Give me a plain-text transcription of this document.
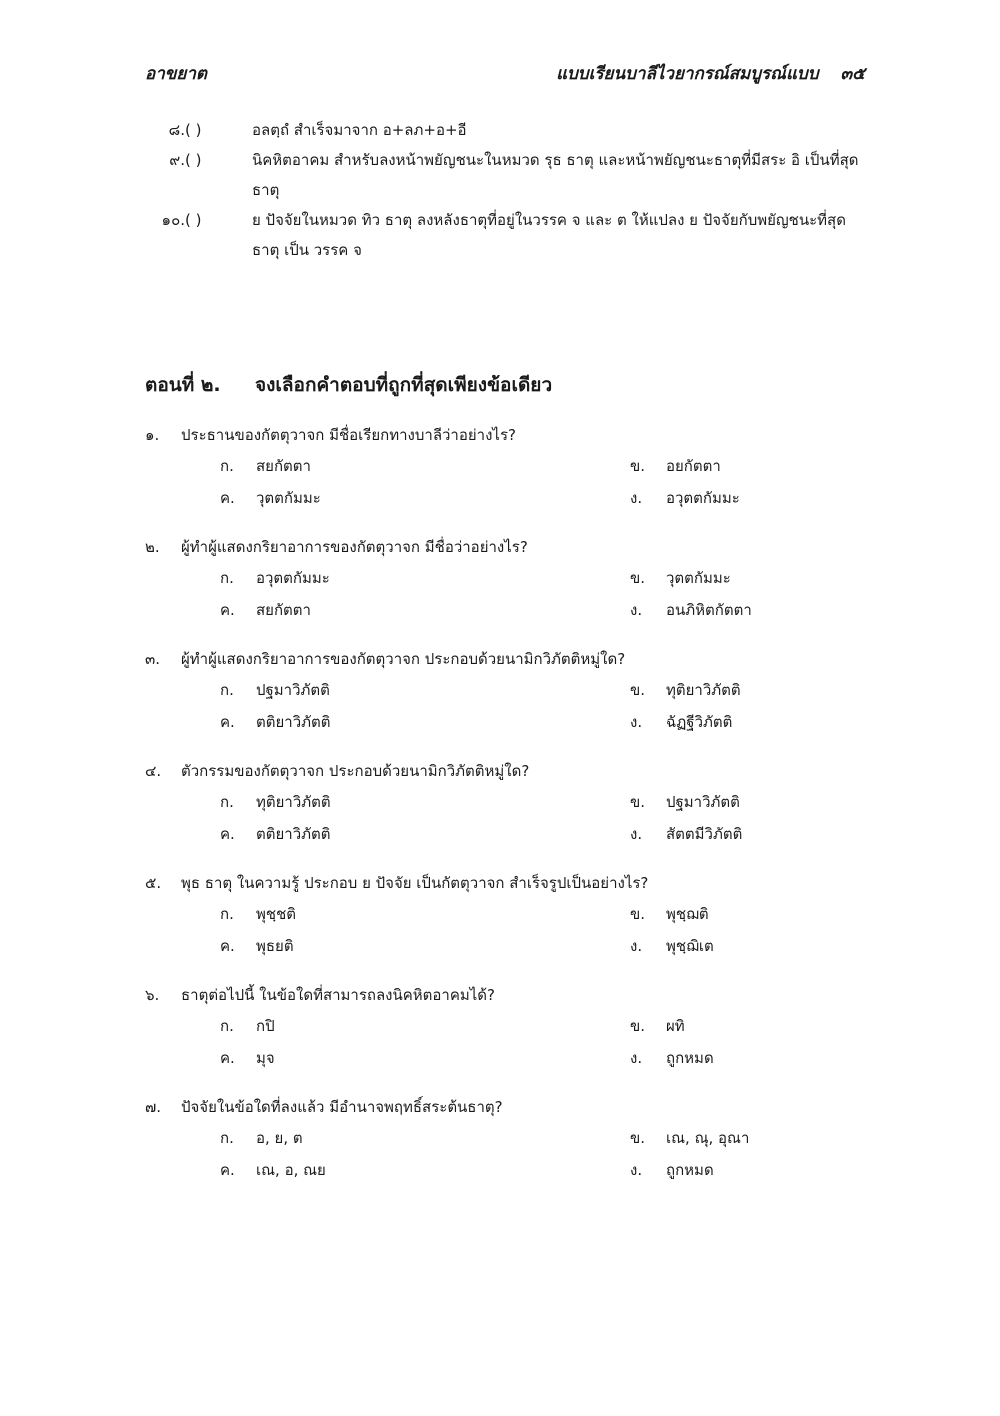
อาขยาต	แบบเรียนบาลีไวยากรณ์สมบูรณ์แบบ ๓๕
๘. ( )	อลตฺถํ สำเร็จมาจาก อ+ลภ+อ+อี
๙. ( )	นิคหิตอาคม สำหรับลงหน้าพยัญชนะในหมวด รุธ ธาตุ และหน้าพยัญชนะธาตุที่มีสระ อิ เป็นที่สุดธาตุ
๑๐. ( )	ย ปัจจัยในหมวด ทิว ธาตุ ลงหลังธาตุที่อยู่ในวรรค จ และ ต ให้แปลง ย ปัจจัยกับพยัญชนะที่สุดธาตุ เป็น วรรค จ
ตอนที่ ๒. จงเลือกคำตอบที่ถูกที่สุดเพียงข้อเดียว
๑. ประธานของกัตตุวาจก มีชื่อเรียกทางบาลีว่าอย่างไร?
ก. สยกัตตา	ข. อยกัตตา
ค. วุตตกัมมะ	ง. อวุตตกัมมะ
๒. ผู้ทำผู้แสดงกริยาอาการของกัตตุวาจก มีชื่อว่าอย่างไร?
ก. อวุตตกัมมะ	ข. วุตตกัมมะ
ค. สยกัตตา	ง. อนภิหิตกัตตา
๓. ผู้ทำผู้แสดงกริยาอาการของกัตตุวาจก ประกอบด้วยนามิกวิภัตติหมู่ใด?
ก. ปฐมาวิภัตติ	ข. ทุติยาวิภัตติ
ค. ตติยาวิภัตติ	ง. ฉัฏฐีวิภัตติ
๔. ตัวกรรมของกัตตุวาจก ประกอบด้วยนามิกวิภัตติหมู่ใด?
ก. ทุติยาวิภัตติ	ข. ปฐมาวิภัตติ
ค. ตติยาวิภัตติ	ง. สัตตมีวิภัตติ
๕. พุธ ธาตุ ในความรู้ ประกอบ ย ปัจจัย เป็นกัตตุวาจก สำเร็จรูปเป็นอย่างไร?
ก. พุชฺชติ	ข. พุชฺฌติ
ค. พุธยติ	ง. พุชฺฌิเต
๖. ธาตุต่อไปนี้ ในข้อใดที่สามารถลงนิคหิตอาคมได้?
ก. กปิ	ข. ผทิ
ค. มุจ	ง. ถูกหมด
๗. ปัจจัยในข้อใดที่ลงแล้ว มีอำนาจพฤทธิ์สระต้นธาตุ?
ก. อ, ย, ต	ข. เณ, ณุ, อุณา
ค. เณ, อ, ณย	ง. ถูกหมด
